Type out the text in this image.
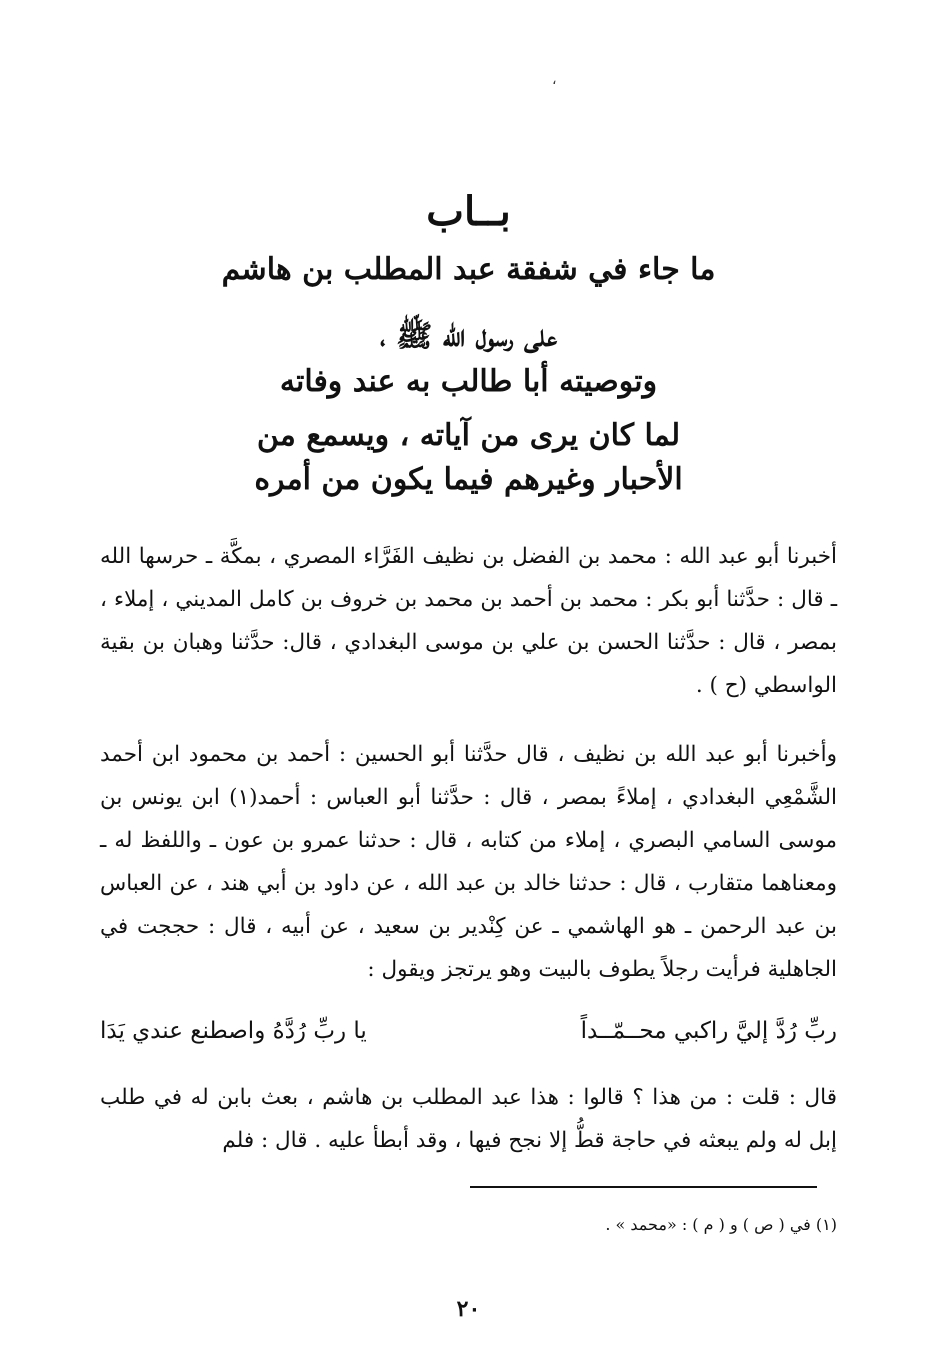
،
بــاب
ما جاء في شفقة عبد المطلب بن هاشم
على رسول الله ﷺ ،
وتوصيته أبا طالب به عند وفاته
لما كان يرى من آياته ، ويسمع من
الأحبار وغيرهم فيما يكون من أمره
أخبرنا أبو عبد الله : محمد بن الفضل بن نظيف الفَرَّاء المصري ، بمكَّة ـ حرسها الله ـ قال : حدَّثنا أبو بكر : محمد بن أحمد بن محمد بن خروف بن كامل المديني ، إملاء ، بمصر ، قال : حدَّثنا الحسن بن علي بن موسى البغدادي ، قال: حدَّثنا وهبان بن بقية الواسطي (ح ) .
وأخبرنا أبو عبد الله بن نظيف ، قال حدَّثنا أبو الحسين : أحمد بن محمود ابن أحمد الشَّمْعِي البغدادي ، إملاءً بمصر ، قال : حدَّثنا أبو العباس : أحمد(١) ابن يونس بن موسى السامي البصري ، إملاء من كتابه ، قال : حدثنا عمرو بن عون ـ واللفظ له ـ ومعناهما متقارب ، قال : حدثنا خالد بن عبد الله ، عن داود بن أبي هند ، عن العباس بن عبد الرحمن ـ هو الهاشمي ـ عن كِنْدير بن سعيد ، عن أبيه ، قال : حججت في الجاهلية فرأيت رجلاً يطوف بالبيت وهو يرتجز ويقول :
ربِّ رُدَّ إليَّ راكبي محــمّــداً
يا ربِّ رُدَّهُ واصطنع عندي يَدَا
قال : قلت : من هذا ؟ قالوا : هذا عبد المطلب بن هاشم ، بعث بابن له في طلب إبل له ولم يبعثه في حاجة قطُّ إلا نجح فيها ، وقد أبطأ عليه . قال : فلم
(١) في ( ص ) و ( م ) : «محمد » .
٢٠
